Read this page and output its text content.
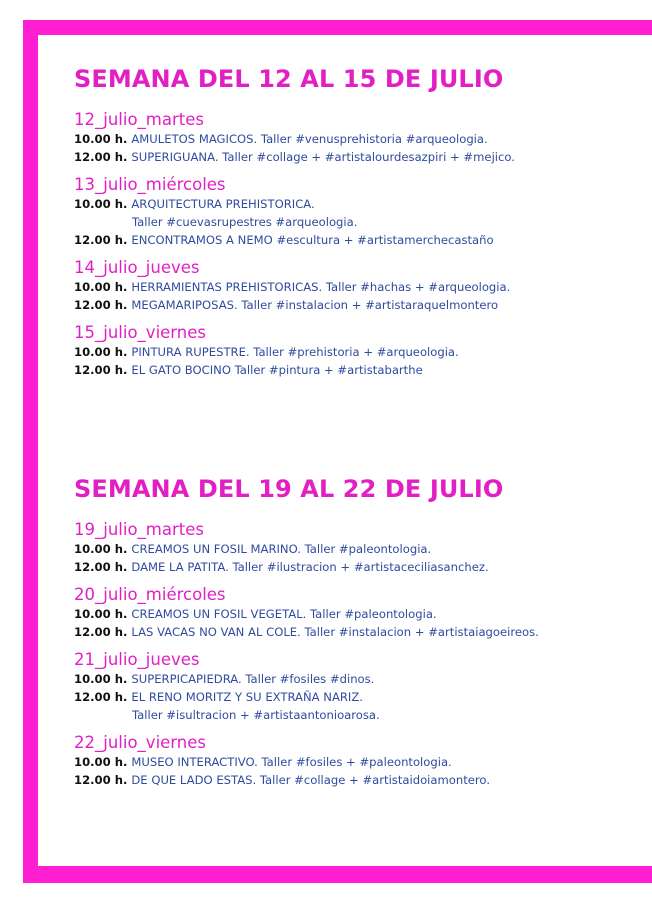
SEMANA DEL 12 AL 15 DE JULIO
12_julio_martes
10.00 h. AMULETOS MAGICOS. Taller #venusprehistoria #arqueologia.
12.00 h. SUPERIGUANA. Taller #collage + #artistalourdesazpiri + #mejico.
13_julio_miércoles
10.00 h. ARQUITECTURA PREHISTORICA.
Taller #cuevasrupestres #arqueologia.
12.00 h. ENCONTRAMOS A NEMO #escultura + #artistamerchecastaño
14_julio_jueves
10.00 h. HERRAMIENTAS PREHISTORICAS. Taller #hachas + #arqueologia.
12.00 h. MEGAMARIPOSAS. Taller #instalacion + #artistaraquelmontero
15_julio_viernes
10.00 h. PINTURA RUPESTRE. Taller #prehistoria + #arqueologia.
12.00 h. EL GATO BOCINO Taller #pintura + #artistabarthe
SEMANA DEL 19 AL 22 DE JULIO
19_julio_martes
10.00 h. CREAMOS UN FOSIL MARINO. Taller #paleontologia.
12.00 h. DAME LA PATITA. Taller #ilustracion + #artistaceciliasanchez.
20_julio_miércoles
10.00 h. CREAMOS UN FOSIL VEGETAL. Taller #paleontologia.
12.00 h. LAS VACAS NO VAN AL COLE. Taller #instalacion + #artistaiagoeireos.
21_julio_jueves
10.00 h. SUPERPICAPIEDRA. Taller #fosiles #dinos.
12.00 h. EL RENO MORITZ Y SU EXTRAÑA NARIZ.
Taller #isultracion + #artistaantonioarosa.
22_julio_viernes
10.00 h. MUSEO INTERACTIVO. Taller #fosiles + #paleontologia.
12.00 h. DE QUE LADO ESTAS. Taller #collage + #artistaidoiamontero.
